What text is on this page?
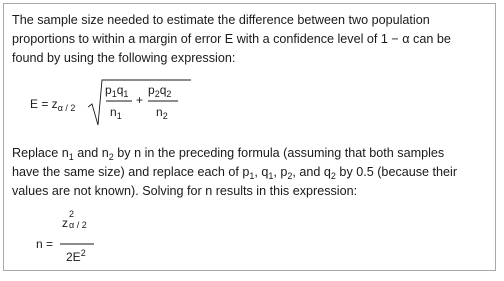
The sample size needed to estimate the difference between two population
proportions to within a margin of error E with a confidence level of 1 − α can be
found by using the following expression:

$E = z_{\alpha / 2}$
$p_1q_1$
$n_1$
+
$p_2q_2$
$n_2$

Replace $n_1$ and $n_2$ by n in the preceding formula (assuming that both samples
have the same size) and replace each of $p_1$, $q_1$, $p_2$, and $q_2$ by 0.5 (because their
values are not known). Solving for n results in this expression:

n =
z
2
α / 2
$2E^2$
